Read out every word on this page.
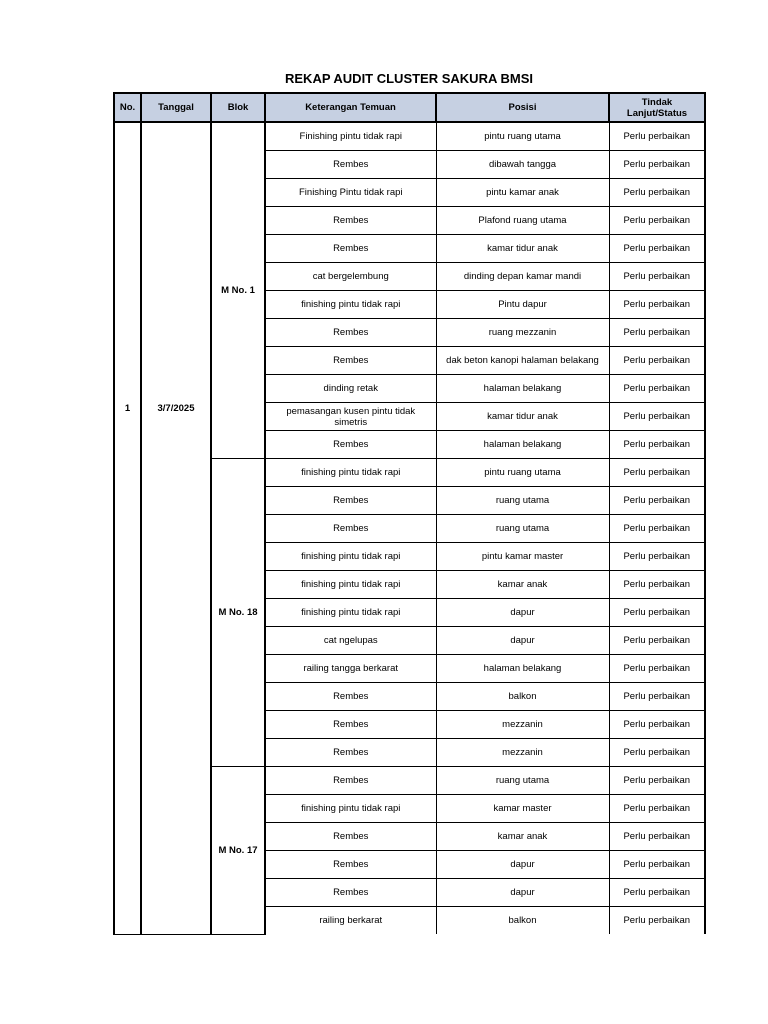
REKAP AUDIT CLUSTER SAKURA BMSI
No.	Tanggal	Blok	Keterangan Temuan	Posisi	Tindak Lanjut/Status
1	3/7/2025	M No. 1	Finishing pintu tidak rapi	pintu ruang utama	Perlu perbaikan
			Rembes	dibawah tangga	Perlu perbaikan
			Finishing Pintu tidak rapi	pintu kamar anak	Perlu perbaikan
			Rembes	Plafond ruang utama	Perlu perbaikan
			Rembes	kamar tidur anak	Perlu perbaikan
			cat bergelembung	dinding depan kamar mandi	Perlu perbaikan
			finishing pintu tidak rapi	Pintu dapur	Perlu perbaikan
			Rembes	ruang mezzanin	Perlu perbaikan
			Rembes	dak beton kanopi halaman belakang	Perlu perbaikan
			dinding retak	halaman belakang	Perlu perbaikan
			pemasangan kusen pintu tidak simetris	kamar tidur anak	Perlu perbaikan
			Rembes	halaman belakang	Perlu perbaikan
		M No. 18	finishing pintu tidak rapi	pintu ruang utama	Perlu perbaikan
			Rembes	ruang utama	Perlu perbaikan
			Rembes	ruang utama	Perlu perbaikan
			finishing pintu tidak rapi	pintu kamar master	Perlu perbaikan
			finishing pintu tidak rapi	kamar anak	Perlu perbaikan
			finishing pintu tidak rapi	dapur	Perlu perbaikan
			cat ngelupas	dapur	Perlu perbaikan
			railing tangga berkarat	halaman belakang	Perlu perbaikan
			Rembes	balkon	Perlu perbaikan
			Rembes	mezzanin	Perlu perbaikan
			Rembes	mezzanin	Perlu perbaikan
		M No. 17	Rembes	ruang utama	Perlu perbaikan
			finishing pintu tidak rapi	kamar master	Perlu perbaikan
			Rembes	kamar anak	Perlu perbaikan
			Rembes	dapur	Perlu perbaikan
			Rembes	dapur	Perlu perbaikan
			railing berkarat	balkon	Perlu perbaikan
